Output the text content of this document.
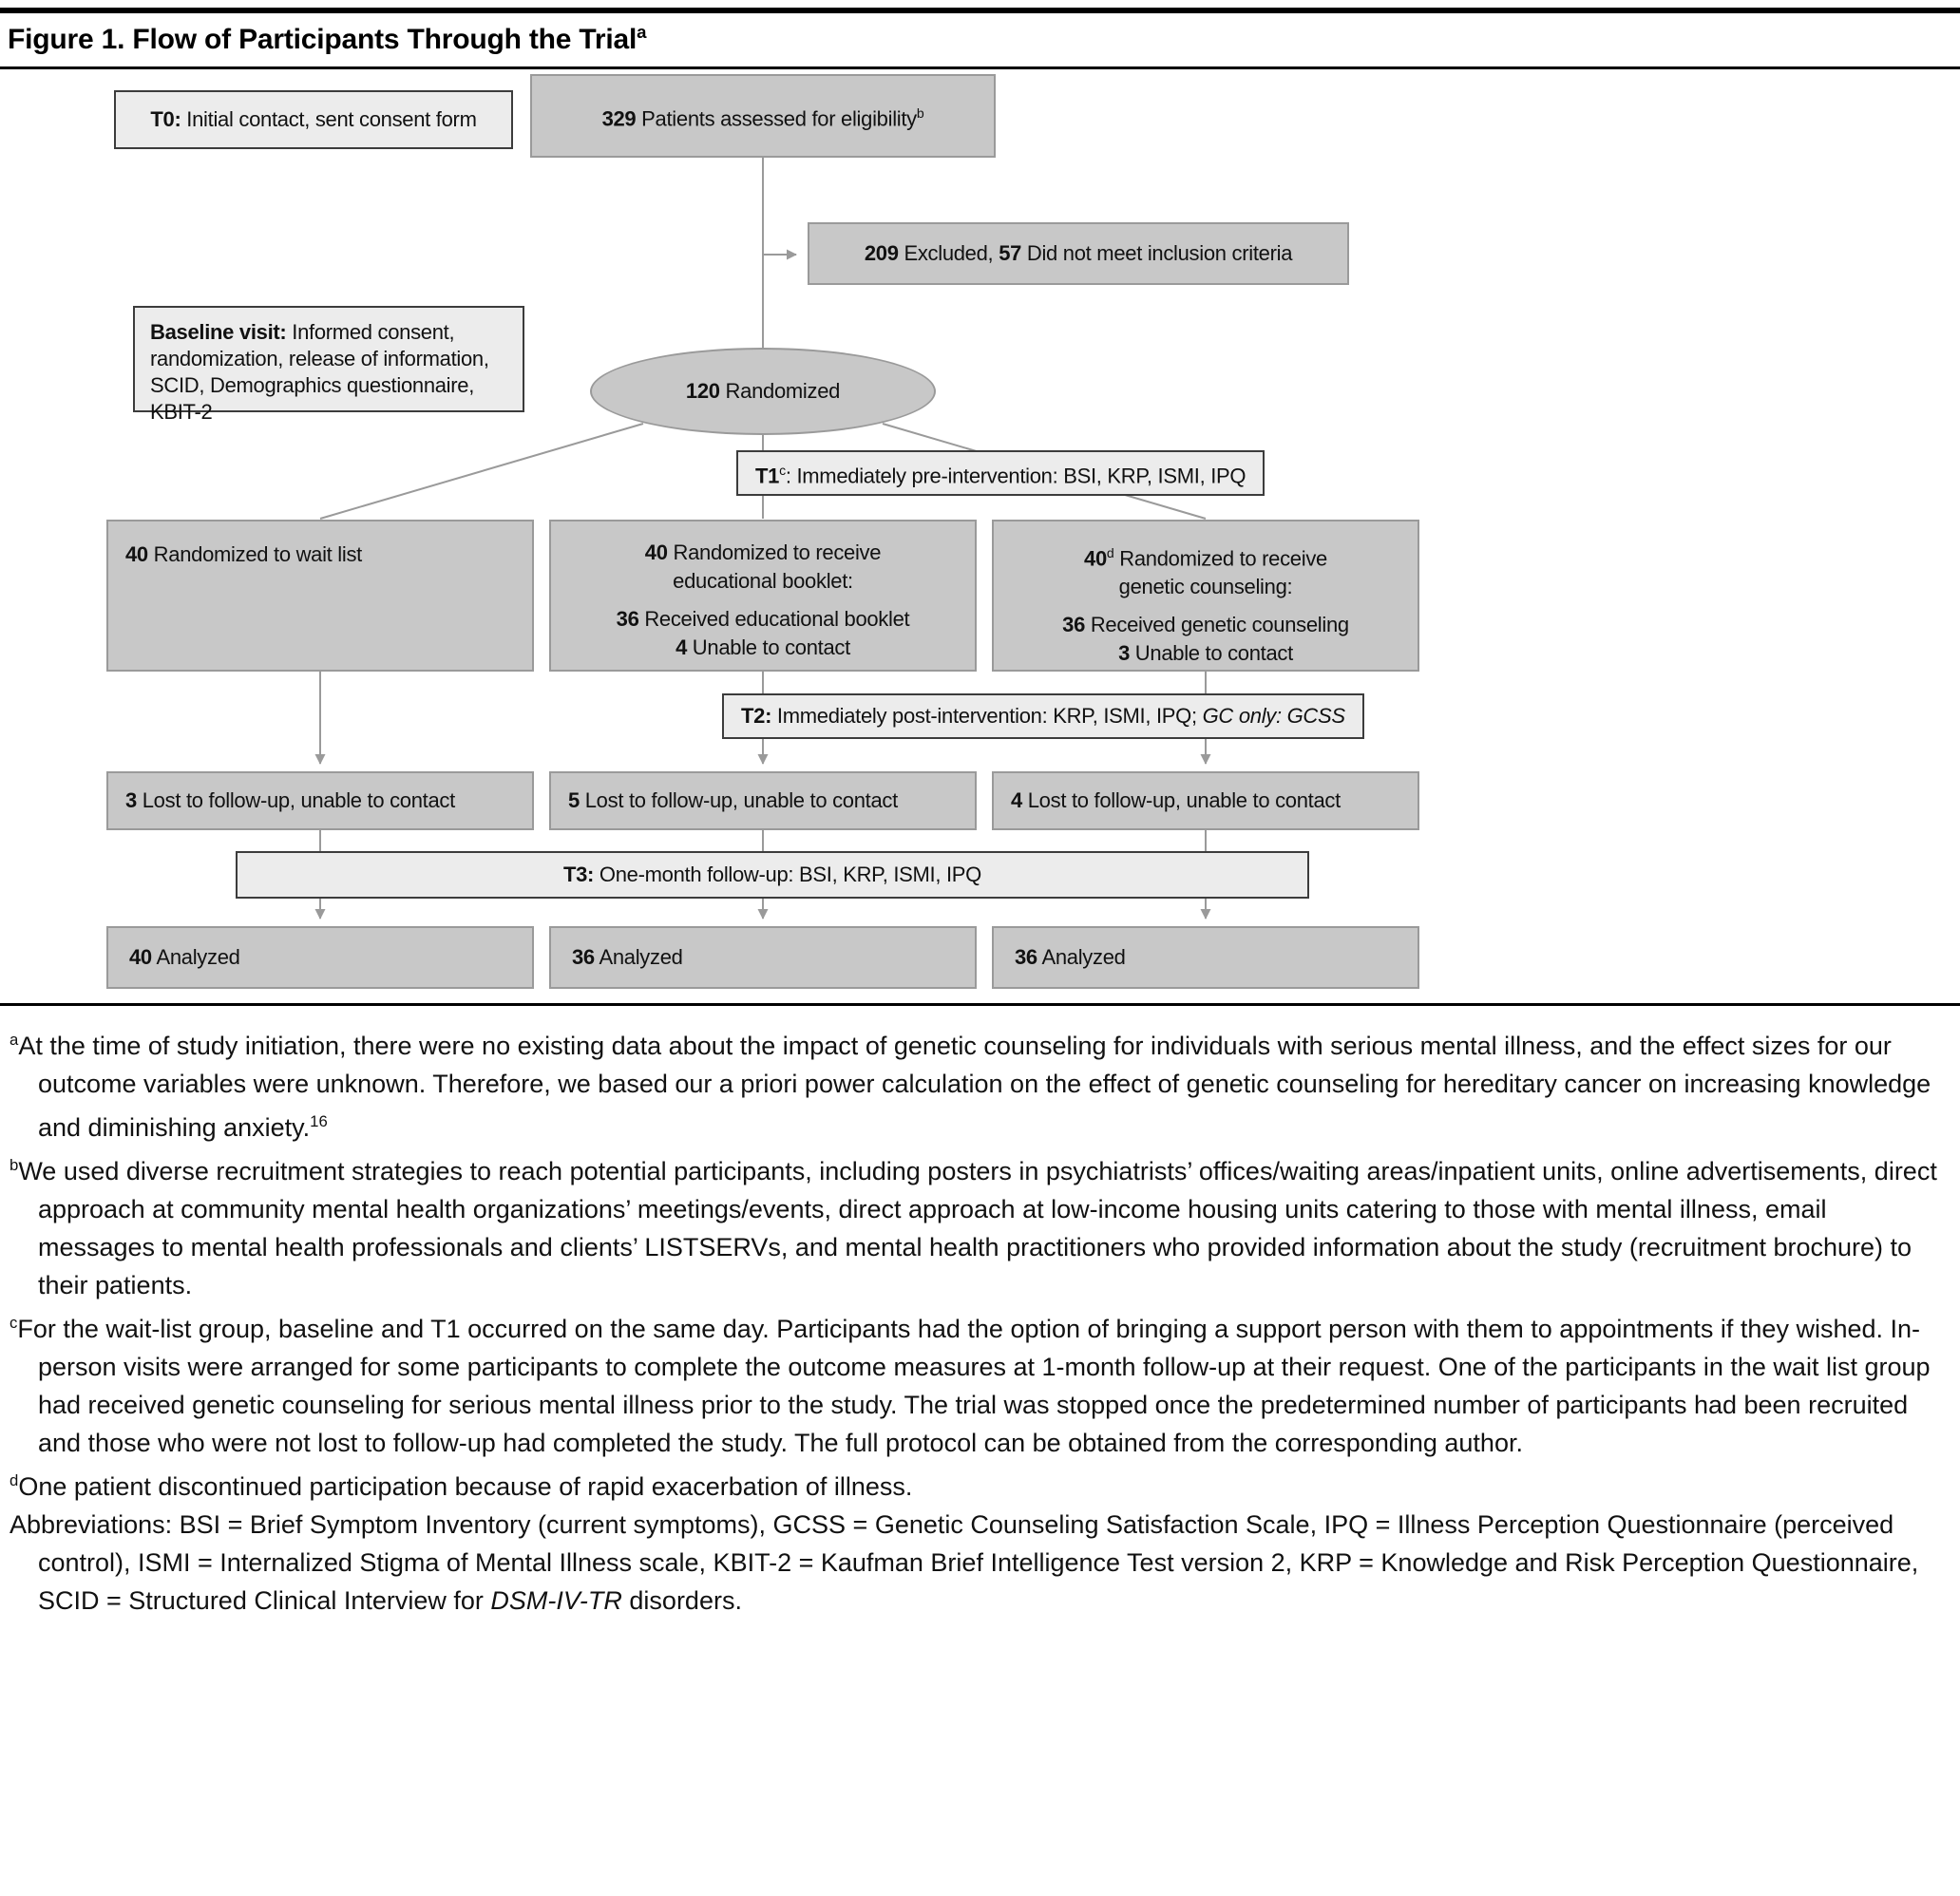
Figure 1. Flow of Participants Through the Trial$^a$
T0: Initial contact, sent consent form	329 Patients assessed for eligibility$^b$
209 Excluded, 57 Did not meet inclusion criteria
Baseline visit: Informed consent, randomization, release of information, SCID, Demographics questionnaire, KBIT-2
120 Randomized
T1$^c$: Immediately pre-intervention: BSI, KRP, ISMI, IPQ
40 Randomized to wait list	40 Randomized to receive
educational booklet:
36 Received educational booklet
4 Unable to contact
40$^d$ Randomized to receive
genetic counseling:
36 Received genetic counseling
3 Unable to contact
T2: Immediately post-intervention: KRP, ISMI, IPQ; GC only: GCSS
3 Lost to follow-up, unable to contact	5 Lost to follow-up, unable to contact	4 Lost to follow-up, unable to contact
T3: One-month follow-up: BSI, KRP, ISMI, IPQ
40 Analyzed	36 Analyzed	36 Analyzed

$^a$At the time of study initiation, there were no existing data about the impact of genetic counseling for individuals with serious mental illness, and the effect sizes for our outcome variables were unknown. Therefore, we based our a priori power calculation on the effect of genetic counseling for hereditary cancer on increasing knowledge and diminishing anxiety.$^{16}$

$^b$We used diverse recruitment strategies to reach potential participants, including posters in psychiatrists’ offices/waiting areas/inpatient units, online advertisements, direct approach at community mental health organizations’ meetings/events, direct approach at low-income housing units catering to those with mental illness, email messages to mental health professionals and clients’ LISTSERVs, and mental health practitioners who provided information about the study (recruitment brochure) to their patients.

$^c$For the wait-list group, baseline and T1 occurred on the same day. Participants had the option of bringing a support person with them to appointments if they wished. In-person visits were arranged for some participants to complete the outcome measures at 1-month follow-up at their request. One of the participants in the wait list group had received genetic counseling for serious mental illness prior to the study. The trial was stopped once the predetermined number of participants had been recruited and those who were not lost to follow-up had completed the study. The full protocol can be obtained from the corresponding author.

$^d$One patient discontinued participation because of rapid exacerbation of illness.

Abbreviations: BSI = Brief Symptom Inventory (current symptoms), GCSS = Genetic Counseling Satisfaction Scale, IPQ = Illness Perception Questionnaire (perceived control), ISMI = Internalized Stigma of Mental Illness scale, KBIT-2 = Kaufman Brief Intelligence Test version 2, KRP = Knowledge and Risk Perception Questionnaire, SCID = Structured Clinical Interview for DSM-IV-TR disorders.
